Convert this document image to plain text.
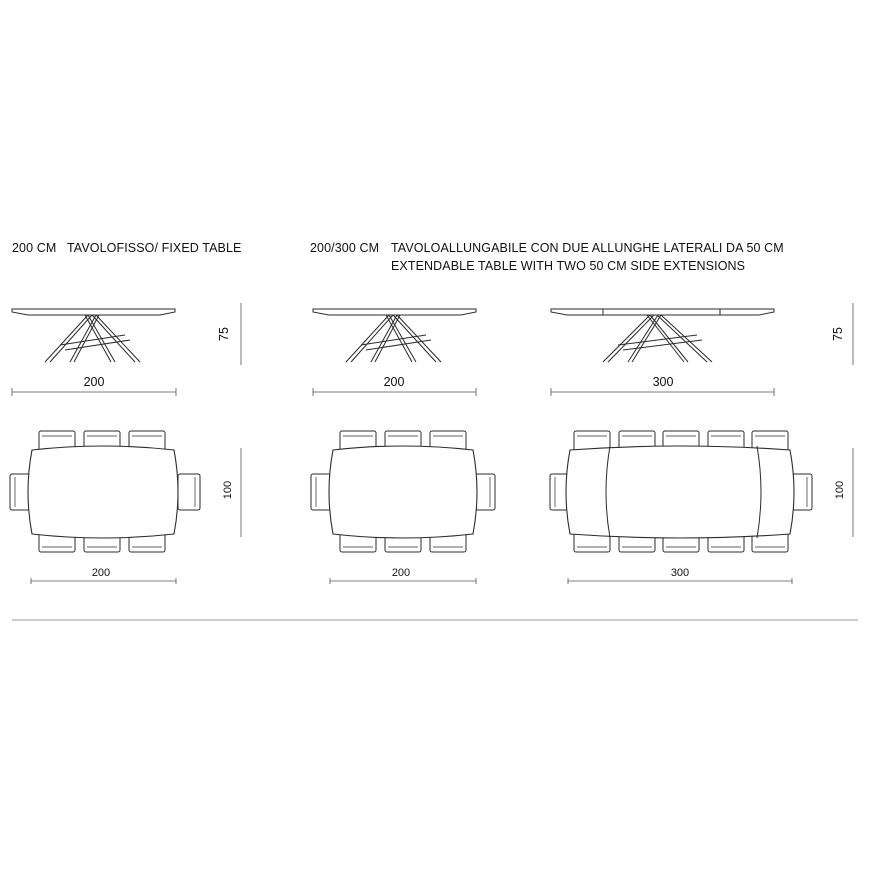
200 CM TAVOLOFISSO/ FIXED TABLE	200/300 CM TAVOLOALLUNGABILE CON DUE ALLUNGHE LATERALI DA 50 CM
EXTENDABLE TABLE WITH TWO 50 CM SIDE EXTENSIONS
200
75
200	300
75
200
100
200	300
100
